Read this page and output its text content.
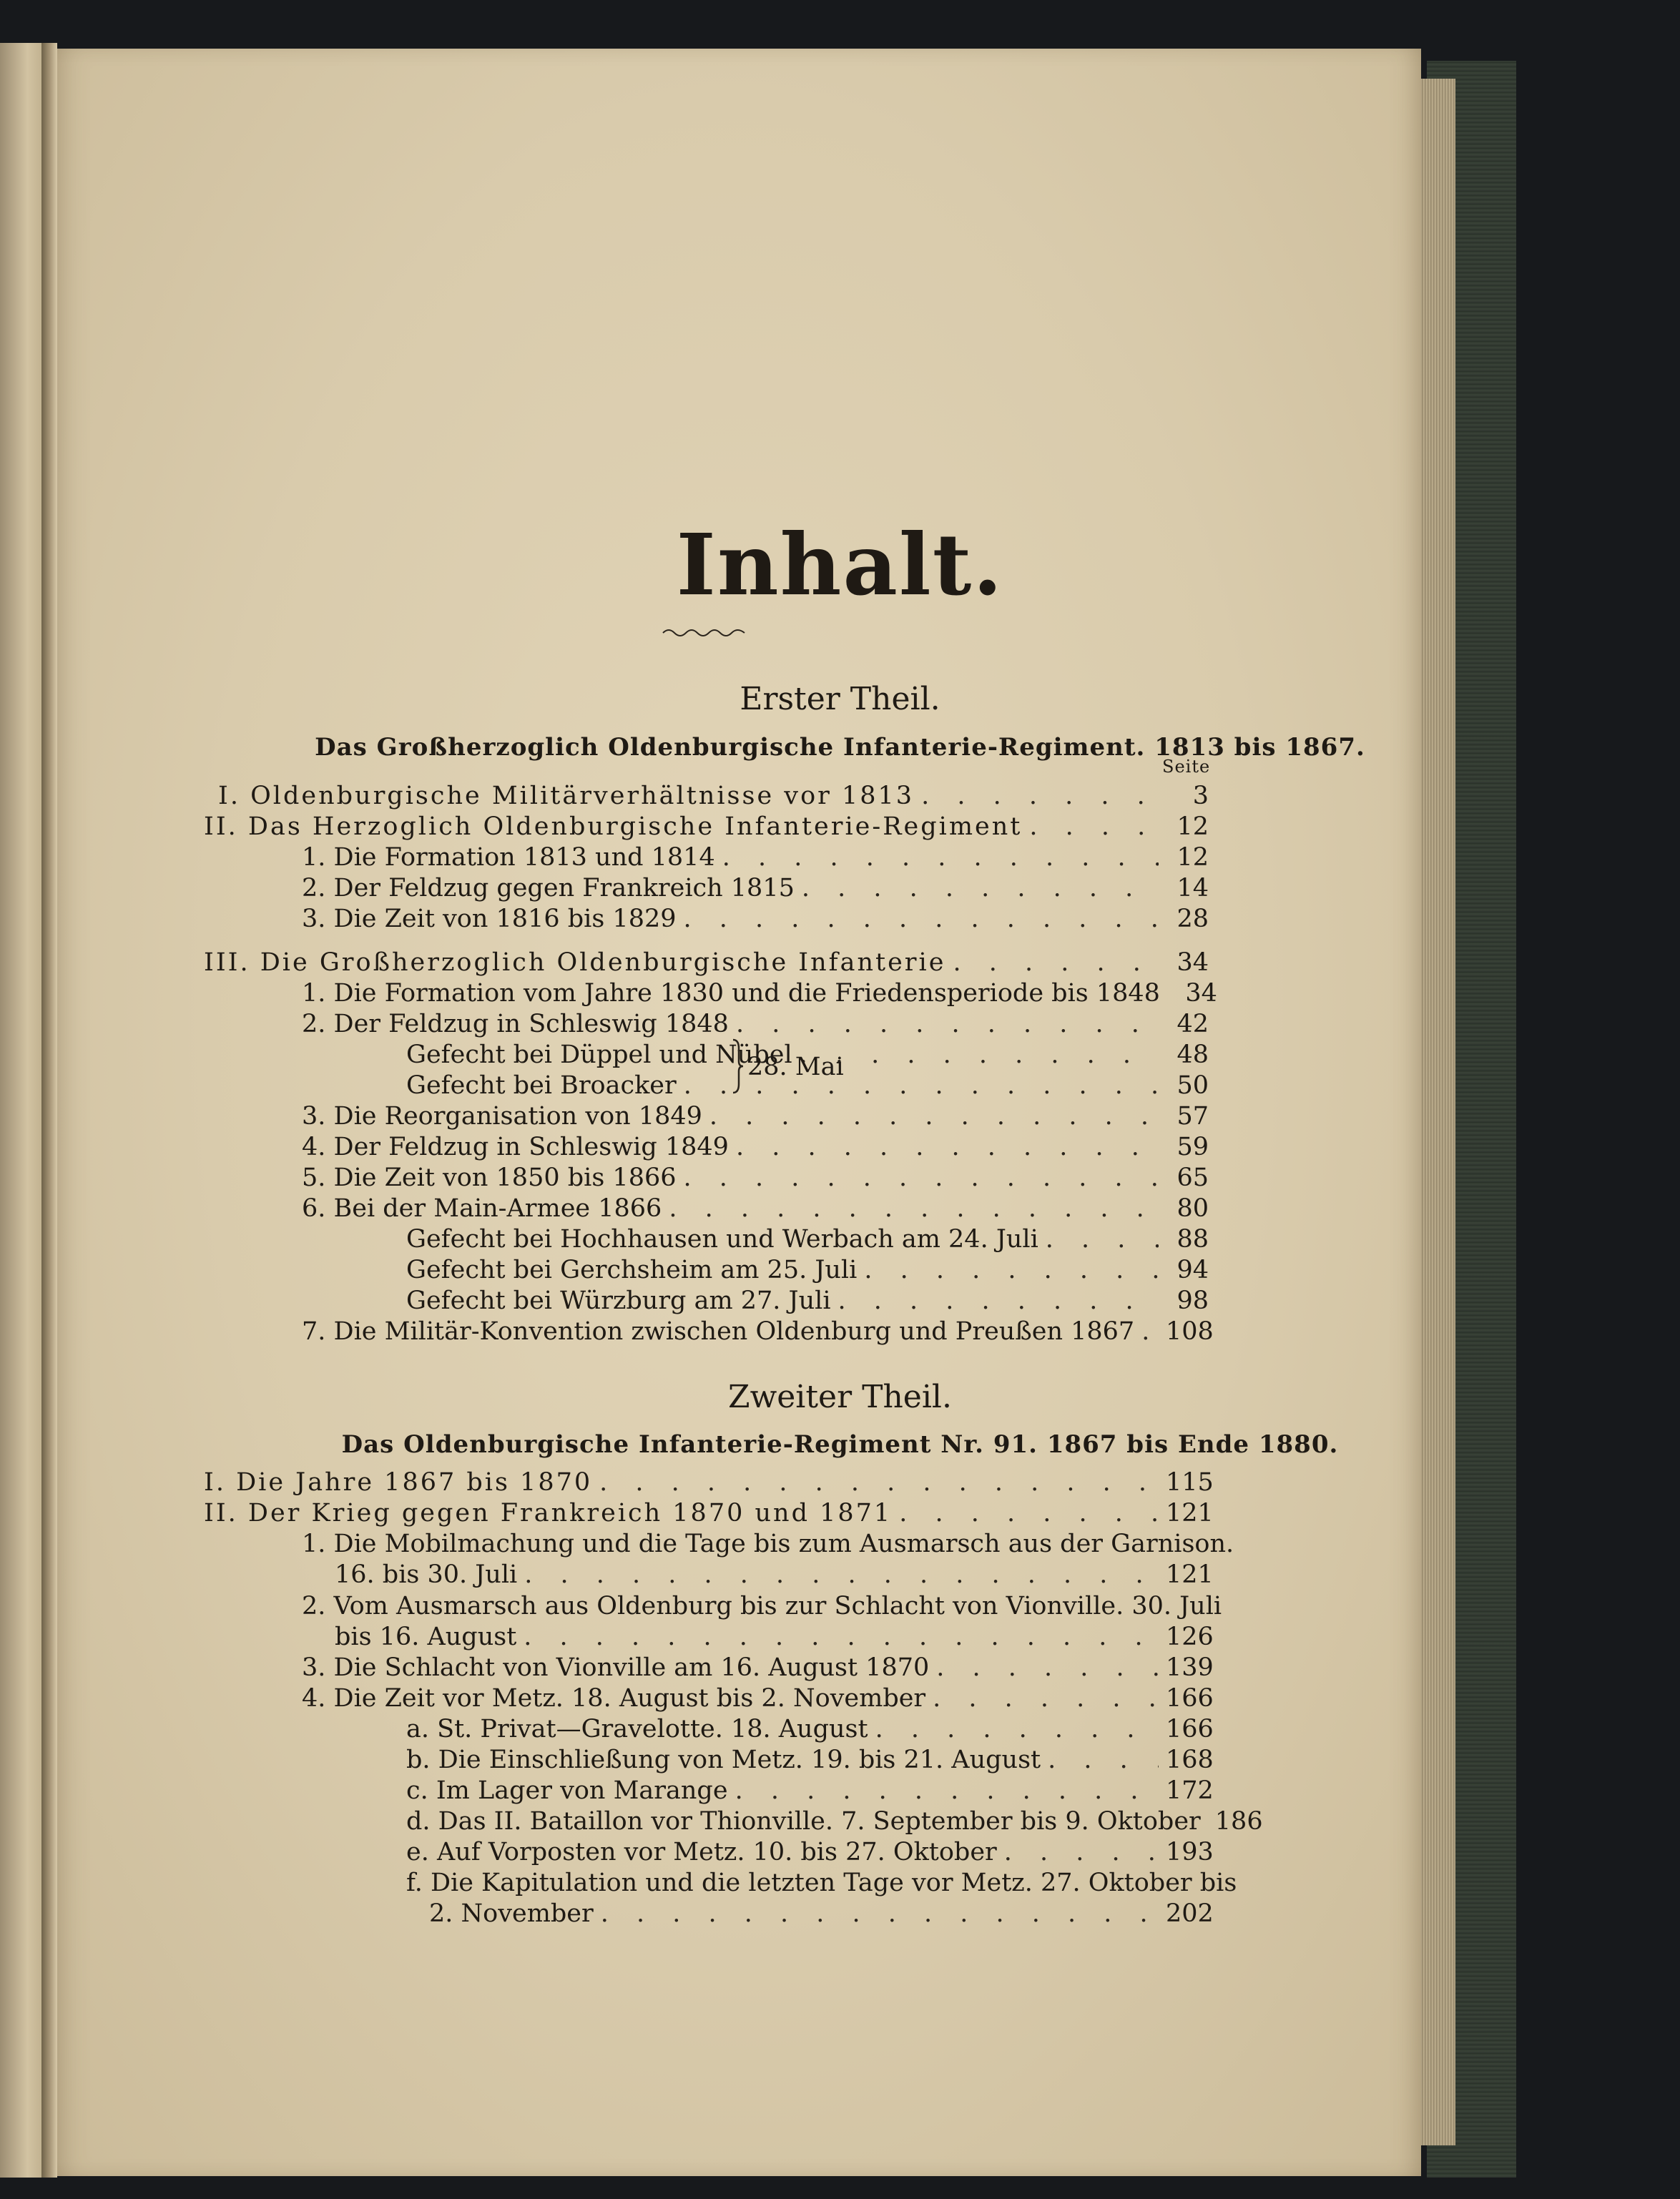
Inhalt.
Erster Theil.
Das Großherzoglich Oldenburgische Infanterie-Regiment. 1813 bis 1867.
Seite
I. Oldenburgische Militärverhältnisse vor 1813 . . .	3
II. Das Herzoglich Oldenburgische Infanterie-Regiment . . .	12
1. Die Formation 1813 und 1814 . . .	12
2. Der Feldzug gegen Frankreich 1815 . . .	14
3. Die Zeit von 1816 bis 1829 . . .	28
III. Die Großherzoglich Oldenburgische Infanterie . . .	34
1. Die Formation vom Jahre 1830 und die Friedensperiode bis 1848	34
2. Der Feldzug in Schleswig 1848 . . .	42
Gefecht bei Düppel und Nübel . . .	48
Gefecht bei Broacker . . .	50
3. Die Reorganisation von 1849 . . .	57
4. Der Feldzug in Schleswig 1849 . . .	59
5. Die Zeit von 1850 bis 1866 . . .	65
6. Bei der Main-Armee 1866 . . .	80
Gefecht bei Hochhausen und Werbach am 24. Juli . . .	88
Gefecht bei Gerchsheim am 25. Juli . . .	94
Gefecht bei Würzburg am 27. Juli . . .	98
7. Die Militär-Konvention zwischen Oldenburg und Preußen 1867 . . . 108
28. Mai
Zweiter Theil.
Das Oldenburgische Infanterie-Regiment Nr. 91. 1867 bis Ende 1880.
I. Die Jahre 1867 bis 1870 . . .	115
II. Der Krieg gegen Frankreich 1870 und 1871 . . .	121
1. Die Mobilmachung und die Tage bis zum Ausmarsch aus der Garnison.
16. bis 30. Juli . . .	121
2. Vom Ausmarsch aus Oldenburg bis zur Schlacht von Vionville. 30. Juli
bis 16. August . . .	126
3. Die Schlacht von Vionville am 16. August 1870 . . .	139
4. Die Zeit vor Metz. 18. August bis 2. November . . .	166
a. St. Privat—Gravelotte. 18. August . . .	166
b. Die Einschließung von Metz. 19. bis 21. August . . .	168
c. Im Lager von Marange . . .	172
d. Das II. Bataillon vor Thionville. 7. September bis 9. Oktober 186
e. Auf Vorposten vor Metz. 10. bis 27. Oktober . . .	193
f. Die Kapitulation und die letzten Tage vor Metz. 27. Oktober bis
2. November . . .	202
